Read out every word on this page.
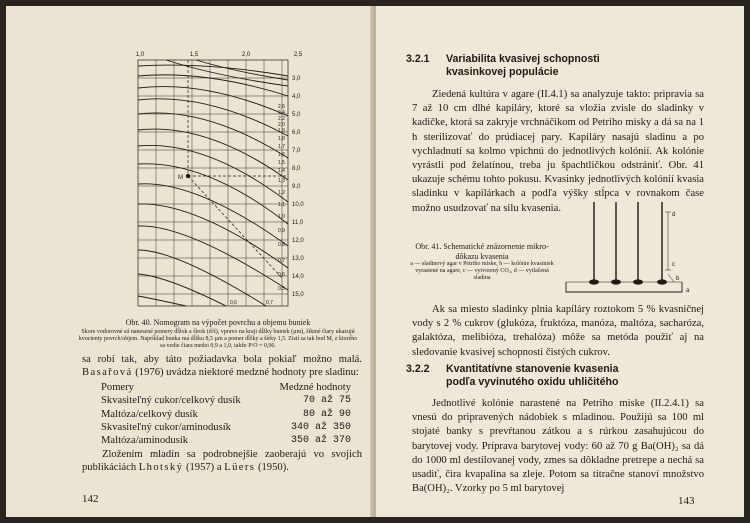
M
1,0	1,5	2,0	2,5
3,0
4,0
5,0
6,0
7,0
8,0
9,0
10,0
11,0
12,0
13,0
14,0
15,0
2,6
2,4
2,2
2,0
1,9
1,8
1,7
1,6
1,5
1,4
1,3
1,2
1,1
1,0
0,9
0,8
0,7
0,6
0,5
0,6	0,7
Obr. 40. Nomogram na výpočet povrchu a objemu buniek
Skore vodorovné sú nanesené pomery dĺžok a šírok (d/š), vpravo na kraji dĺžky buniek (µm), šikmé čiary ukazujú kvocienty povrch/objem. Napríklad bunka má dĺžku 8,5 µm a pomer dĺžky a šírky 1,5. Zistí sa tak bod M, z ktorého sa vedie čiara medzi 0,9 a 1,0, takže P/O = 0,96.
sa robí tak, aby táto požiadavka bola pokiaľ možno malá. Basařová (1976) uvádza niektoré medzné hodnoty pre sladinu:
Pomery	Medzné hodnoty
Skvasiteľný cukor/celkový dusík	70 až 75
Maltóza/celkový dusík	80 až 90
Skvasiteľný cukor/aminodusík	340 až 350
Maltóza/aminodusík	350 až 370
Zložením mladín sa podrobnejšie zaoberajú vo svojich publikáciách Lhotský (1957) a Lüers (1950).
142
3.2.1 Variabilita kvasivej schopnosti
kvasinkovej populácie
Ziedená kultúra v agare (II.4.1) sa analyzuje takto: pripravia sa 7 až 10 cm dlhé kapiláry, ktoré sa vložia zvisle do sladinky v kadičke, ktorá sa zakryje vrchnáčikom od Petriho misky a dá sa na 1 h sterilizovať do prúdiacej pary. Kapiláry nasajú sladinu a po vychladnutí sa kolmo vpichnú do jednotlivých kolónií. Ak kolónie vyrástli pod želatínou, treba ju špachtličkou odstrániť. Obr. 41 ukazuje schému tohto pokusu. Kvasinky jednotlivých kolónií kvasia sladinku v kapilárkach a podľa výšky stĺpca v rovnakom čase možno usudzovať na silu kvasenia.
d
c
b
a
Obr. 41. Schematické znázornenie mikro-dôkazu kvasenia
a — sladinový agar v Petriho miske, b — kolónie kvasiniek vyrastené na agare, c — vytvorený CO₂, d — vytlačená sladina
Ak sa miesto sladinky plnia kapiláry roztokom 5 % kvasničnej vody s 2 % cukrov (glukóza, fruktóza, manóza, maltóza, sacharóza, galaktóza, melibióza, trehalóza) môže sa metóda použiť aj na sledovanie kvasivej schopnosti čistých cukrov.
3.2.2 Kvantitatívne stanovenie kvasenia
podľa vyvinutého oxidu uhličitého
Jednotlivé kolónie narastené na Petriho miske (II.2.4.1) sa vnesú do pripravených nádobiek s mladinou. Použijú sa 100 ml stojaté banky s prevŕtanou zátkou a s rúrkou zasahujúcou do barytovej vody. Príprava barytovej vody: 60 až 70 g Ba(OH)₂ sa dá do 1000 ml destilovanej vody, zmes sa dôkladne pretrepe a nechá sa usadiť, čira kvapalina sa zleje. Potom sa titračne stanoví množstvo Ba(OH)₂. Vzorky po 5 ml barytovej
143
